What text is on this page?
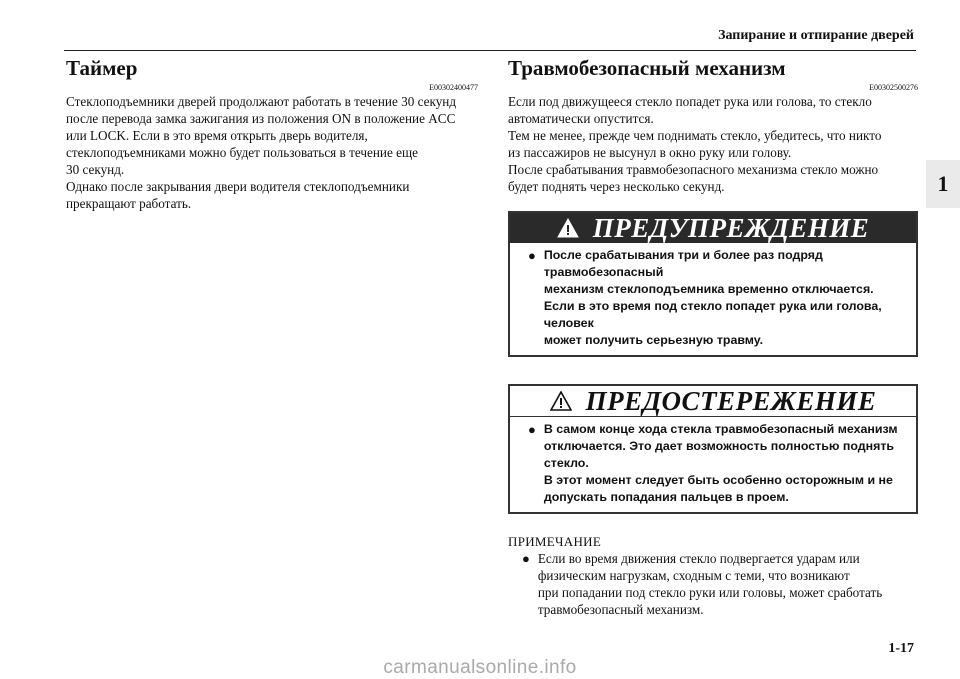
Запирание и отпирание дверей
1
Таймер
E00302400477

Стеклоподъемники дверей продолжают работать в течение 30 секунд

после перевода замка зажигания из положения ON в положение ACC

или LOCK. Если в это время открыть дверь водителя,

стеклоподъемниками можно будет пользоваться в течение еще

30 секунд.

Однако после закрывания двери водителя стеклоподъемники

прекращают работать.

Травмобезопасный механизм
E00302500276

Если под движущееся стекло попадет рука или голова, то стекло

автоматически опустится.

Тем не менее, прежде чем поднимать стекло, убедитесь, что никто

из пассажиров не высунул в окно руку или голову.

После срабатывания травмобезопасного механизма стекло можно

будет поднять через несколько секунд.

ПРЕДУПРЕЖДЕНИЕ
● После срабатывания три и более раз подряд травмобезопасный
механизм стеклоподъемника временно отключается.
Если в это время под стекло попадет рука или голова, человек
может получить серьезную травму.
ПРЕДОСТЕРЕЖЕНИЕ
● В самом конце хода стекла травмобезопасный механизм
отключается. Это дает возможность полностью поднять стекло.
В этот момент следует быть особенно осторожным и не
допускать попадания пальцев в проем.

ПРИМЕЧАНИЕ

● Если во время движения стекло подвергается ударам или
физическим нагрузкам, сходным с теми, что возникают
при попадании под стекло руки или головы, может сработать
травмобезопасный механизм.
1-17
carmanualsonline.info
